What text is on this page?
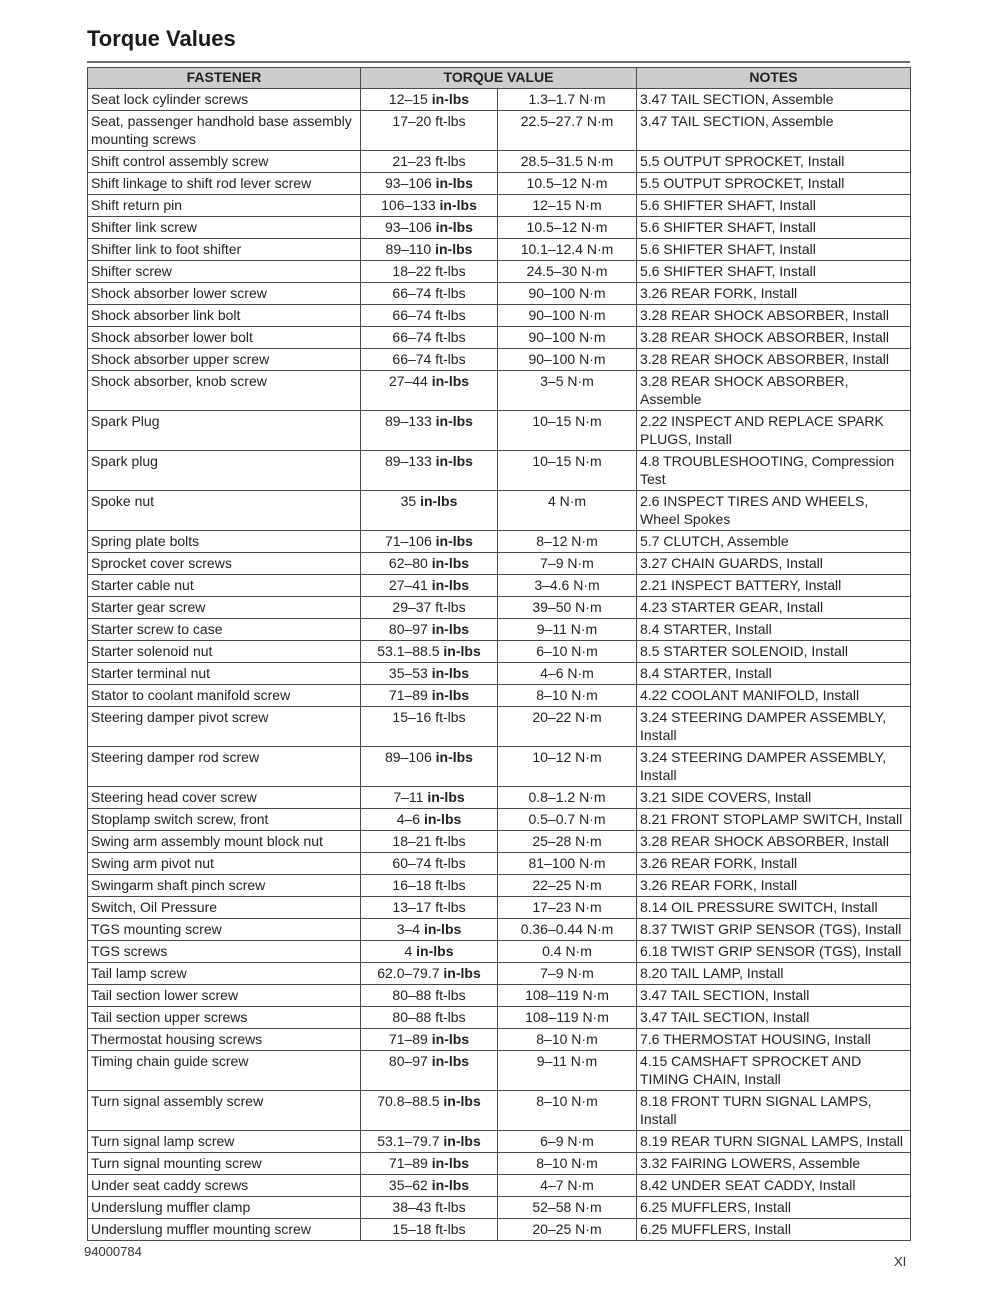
Torque Values
FASTENER	TORQUE VALUE		NOTES
Seat lock cylinder screws	12–15 in-lbs	1.3–1.7 N·m	3.47 TAIL SECTION, Assemble
Seat, passenger handhold base assembly mounting screws	17–20 ft-lbs	22.5–27.7 N·m	3.47 TAIL SECTION, Assemble
Shift control assembly screw	21–23 ft-lbs	28.5–31.5 N·m	5.5 OUTPUT SPROCKET, Install
Shift linkage to shift rod lever screw	93–106 in-lbs	10.5–12 N·m	5.5 OUTPUT SPROCKET, Install
Shift return pin	106–133 in-lbs	12–15 N·m	5.6 SHIFTER SHAFT, Install
Shifter link screw	93–106 in-lbs	10.5–12 N·m	5.6 SHIFTER SHAFT, Install
Shifter link to foot shifter	89–110 in-lbs	10.1–12.4 N·m	5.6 SHIFTER SHAFT, Install
Shifter screw	18–22 ft-lbs	24.5–30 N·m	5.6 SHIFTER SHAFT, Install
Shock absorber lower screw	66–74 ft-lbs	90–100 N·m	3.26 REAR FORK, Install
Shock absorber link bolt	66–74 ft-lbs	90–100 N·m	3.28 REAR SHOCK ABSORBER, Install
Shock absorber lower bolt	66–74 ft-lbs	90–100 N·m	3.28 REAR SHOCK ABSORBER, Install
Shock absorber upper screw	66–74 ft-lbs	90–100 N·m	3.28 REAR SHOCK ABSORBER, Install
Shock absorber, knob screw	27–44 in-lbs	3–5 N·m	3.28 REAR SHOCK ABSORBER, Assemble
Spark Plug	89–133 in-lbs	10–15 N·m	2.22 INSPECT AND REPLACE SPARK PLUGS, Install
Spark plug	89–133 in-lbs	10–15 N·m	4.8 TROUBLESHOOTING, Compression Test
Spoke nut	35 in-lbs	4 N·m	2.6 INSPECT TIRES AND WHEELS, Wheel Spokes
Spring plate bolts	71–106 in-lbs	8–12 N·m	5.7 CLUTCH, Assemble
Sprocket cover screws	62–80 in-lbs	7–9 N·m	3.27 CHAIN GUARDS, Install
Starter cable nut	27–41 in-lbs	3–4.6 N·m	2.21 INSPECT BATTERY, Install
Starter gear screw	29–37 ft-lbs	39–50 N·m	4.23 STARTER GEAR, Install
Starter screw to case	80–97 in-lbs	9–11 N·m	8.4 STARTER, Install
Starter solenoid nut	53.1–88.5 in-lbs	6–10 N·m	8.5 STARTER SOLENOID, Install
Starter terminal nut	35–53 in-lbs	4–6 N·m	8.4 STARTER, Install
Stator to coolant manifold screw	71–89 in-lbs	8–10 N·m	4.22 COOLANT MANIFOLD, Install
Steering damper pivot screw	15–16 ft-lbs	20–22 N·m	3.24 STEERING DAMPER ASSEMBLY, Install
Steering damper rod screw	89–106 in-lbs	10–12 N·m	3.24 STEERING DAMPER ASSEMBLY, Install
Steering head cover screw	7–11 in-lbs	0.8–1.2 N·m	3.21 SIDE COVERS, Install
Stoplamp switch screw, front	4–6 in-lbs	0.5–0.7 N·m	8.21 FRONT STOPLAMP SWITCH, Install
Swing arm assembly mount block nut	18–21 ft-lbs	25–28 N·m	3.28 REAR SHOCK ABSORBER, Install
Swing arm pivot nut	60–74 ft-lbs	81–100 N·m	3.26 REAR FORK, Install
Swingarm shaft pinch screw	16–18 ft-lbs	22–25 N·m	3.26 REAR FORK, Install
Switch, Oil Pressure	13–17 ft-lbs	17–23 N·m	8.14 OIL PRESSURE SWITCH, Install
TGS mounting screw	3–4 in-lbs	0.36–0.44 N·m	8.37 TWIST GRIP SENSOR (TGS), Install
TGS screws	4 in-lbs	0.4 N·m	6.18 TWIST GRIP SENSOR (TGS), Install
Tail lamp screw	62.0–79.7 in-lbs	7–9 N·m	8.20 TAIL LAMP, Install
Tail section lower screw	80–88 ft-lbs	108–119 N·m	3.47 TAIL SECTION, Install
Tail section upper screws	80–88 ft-lbs	108–119 N·m	3.47 TAIL SECTION, Install
Thermostat housing screws	71–89 in-lbs	8–10 N·m	7.6 THERMOSTAT HOUSING, Install
Timing chain guide screw	80–97 in-lbs	9–11 N·m	4.15 CAMSHAFT SPROCKET AND TIMING CHAIN, Install
Turn signal assembly screw	70.8–88.5 in-lbs	8–10 N·m	8.18 FRONT TURN SIGNAL LAMPS, Install
Turn signal lamp screw	53.1–79.7 in-lbs	6–9 N·m	8.19 REAR TURN SIGNAL LAMPS, Install
Turn signal mounting screw	71–89 in-lbs	8–10 N·m	3.32 FAIRING LOWERS, Assemble
Under seat caddy screws	35–62 in-lbs	4–7 N·m	8.42 UNDER SEAT CADDY, Install
Underslung muffler clamp	38–43 ft-lbs	52–58 N·m	6.25 MUFFLERS, Install
Underslung muffler mounting screw	15–18 ft-lbs	20–25 N·m	6.25 MUFFLERS, Install
94000784
XI
